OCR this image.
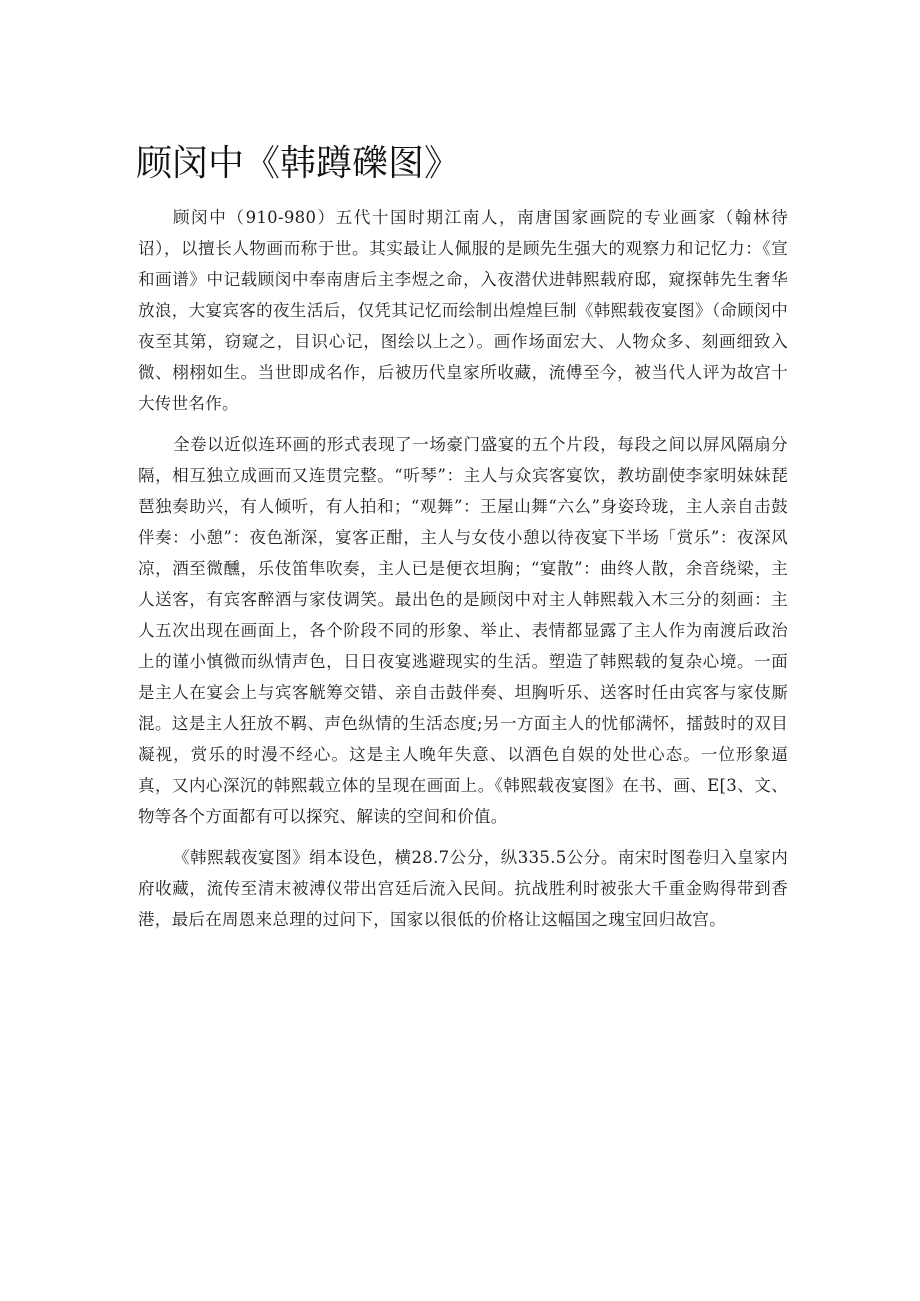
顾闵中《韩蹲礫图》

顾闵中（910-980）五代十国时期江南人，南唐国家画院的专业画家（翰林待诏），以擅长人物画而称于世。其实最让人佩服的是顾先生强大的观察力和记忆力：《宣和画谱》中记载顾闵中奉南唐后主李煜之命，入夜潜伏进韩熙载府邸，窥探韩先生奢华放浪，大宴宾客的夜生活后，仅凭其记忆而绘制出煌煌巨制《韩熙载夜宴图》（命顾闵中夜至其第，窃窥之，目识心记，图绘以上之）。画作场面宏大、人物众多、刻画细致入微、栩栩如生。当世即成名作，后被历代皇家所收藏，流傅至今，被当代人评为故宫十大传世名作。

全卷以近似连环画的形式表现了一场豪门盛宴的五个片段，每段之间以屏风隔扇分隔，相互独立成画而又连贯完整。“听琴”：主人与众宾客宴饮，教坊副使李家明妹妹琵琶独奏助兴，有人倾听，有人拍和；“观舞”：王屋山舞“六么”身姿玲珑，主人亲自击鼓伴奏：小憩”：夜色渐深，宴客正酣，主人与女伎小憩以待夜宴下半场「赏乐”：夜深风凉，酒至微醺，乐伎笛隼吹奏，主人已是便衣坦胸；“宴散”：曲终人散，余音绕梁，主人送客，有宾客醉酒与家伎调笑。最出色的是顾闵中对主人韩熙载入木三分的刻画：主人五次出现在画面上，各个阶段不同的形象、举止、表情都显露了主人作为南渡后政治上的谨小慎微而纵情声色，日日夜宴逃避现实的生活。塑造了韩熙载的复杂心境。一面是主人在宴会上与宾客觥筹交错、亲自击鼓伴奏、坦胸听乐、送客时任由宾客与家伎厮混。这是主人狂放不羁、声色纵情的生活态度;另一方面主人的忧郁满怀，擂鼓时的双目凝视，赏乐的时漫不经心。这是主人晚年失意、以酒色自娱的处世心态。一位形象逼真，又内心深沉的韩熙载立体的呈现在画面上。《韩熙载夜宴图》在书、画、E[3、文、物等各个方面都有可以探究、解读的空间和价值。

《韩熙载夜宴图》绢本设色，横28.7公分，纵335.5公分。南宋时图卷归入皇家内府收藏，流传至清末被溥仪带出宫廷后流入民间。抗战胜利时被张大千重金购得带到香港，最后在周恩来总理的过问下，国家以很低的价格让这幅国之瑰宝回归故宫。
